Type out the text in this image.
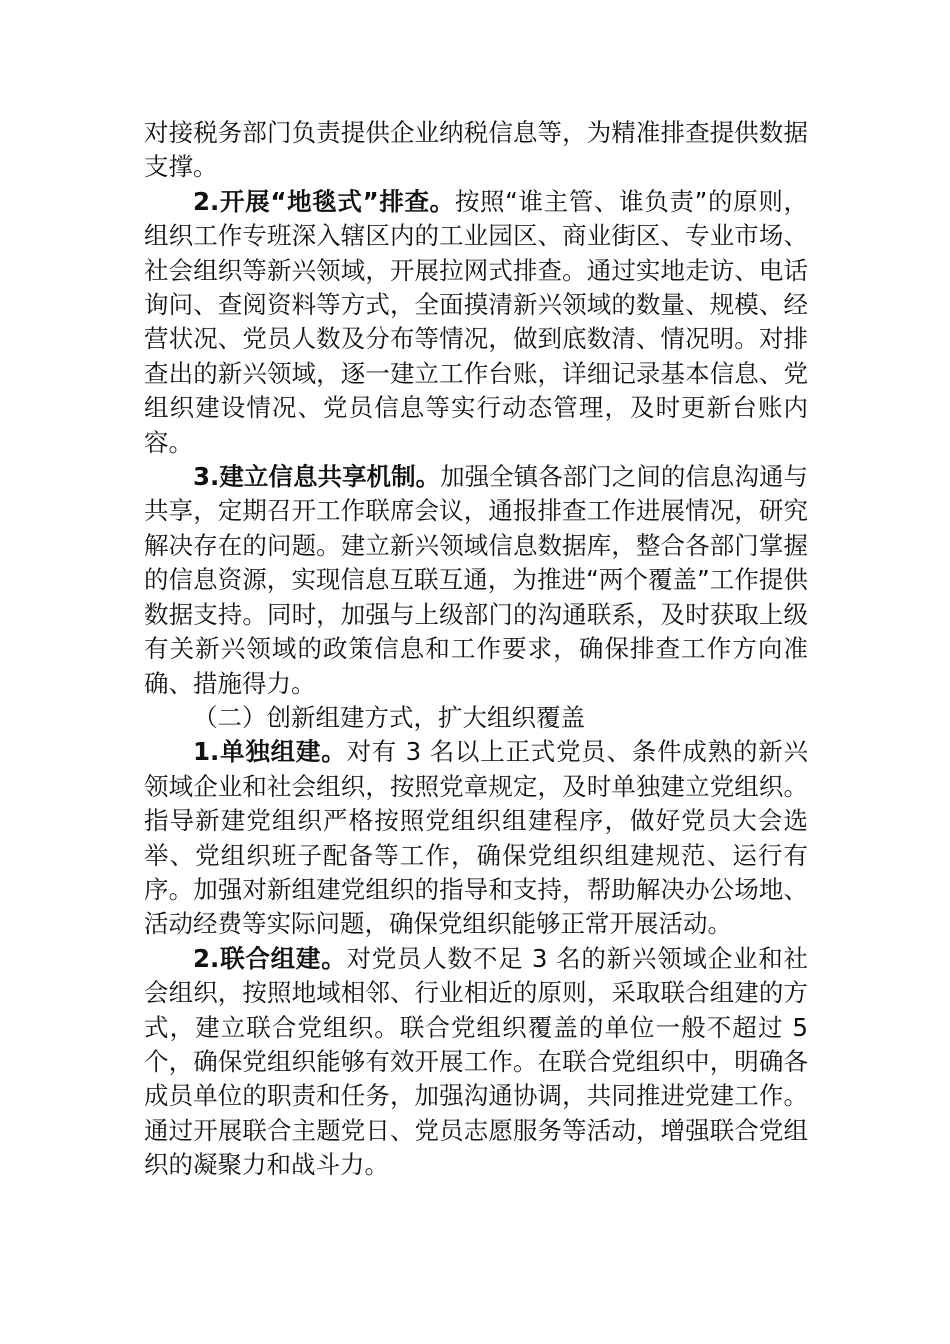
对接税务部门负责提供企业纳税信息等，为精准排查提供数据支撑。

2.开展“地毯式”排查。按照“谁主管、谁负责”的原则，组织工作专班深入辖区内的工业园区、商业街区、专业市场、社会组织等新兴领域，开展拉网式排查。通过实地走访、电话询问、查阅资料等方式，全面摸清新兴领域的数量、规模、经营状况、党员人数及分布等情况，做到底数清、情况明。对排查出的新兴领域，逐一建立工作台账，详细记录基本信息、党组织建设情况、党员信息等实行动态管理，及时更新台账内容。

3.建立信息共享机制。加强全镇各部门之间的信息沟通与共享，定期召开工作联席会议，通报排查工作进展情况，研究解决存在的问题。建立新兴领域信息数据库，整合各部门掌握的信息资源，实现信息互联互通，为推进“两个覆盖”工作提供数据支持。同时，加强与上级部门的沟通联系，及时获取上级有关新兴领域的政策信息和工作要求，确保排查工作方向准确、措施得力。

（二）创新组建方式，扩大组织覆盖

1.单独组建。对有 3 名以上正式党员、条件成熟的新兴领域企业和社会组织，按照党章规定，及时单独建立党组织。指导新建党组织严格按照党组织组建程序，做好党员大会选举、党组织班子配备等工作，确保党组织组建规范、运行有序。加强对新组建党组织的指导和支持，帮助解决办公场地、活动经费等实际问题，确保党组织能够正常开展活动。

2.联合组建。对党员人数不足 3 名的新兴领域企业和社会组织，按照地域相邻、行业相近的原则，采取联合组建的方式，建立联合党组织。联合党组织覆盖的单位一般不超过 5 个，确保党组织能够有效开展工作。在联合党组织中，明确各成员单位的职责和任务，加强沟通协调，共同推进党建工作。通过开展联合主题党日、党员志愿服务等活动，增强联合党组织的凝聚力和战斗力。
